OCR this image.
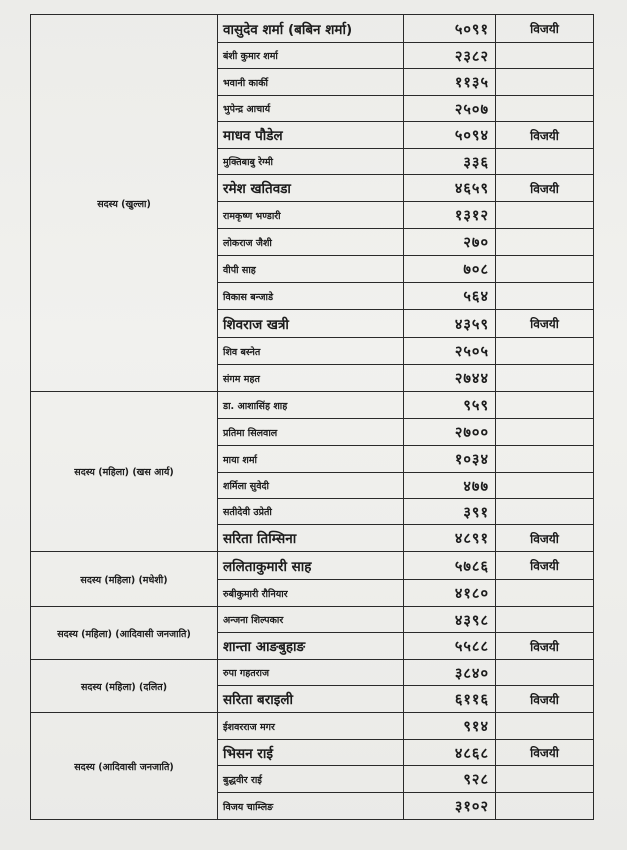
सदस्य (खुल्ला)	वासुदेव शर्मा (बबिन शर्मा)	५०९१	विजयी
	बंशी कुमार शर्मा	२३८२	
	भवानी कार्की	११३५	
	भुपेन्द्र आचार्य	२५०७	
	माधव पौडेल	५०९४	विजयी
	मुक्तिबाबु रेग्मी	३३६	
	रमेश खतिवडा	४६५९	विजयी
	रामकृष्ण भण्डारी	१३१२	
	लोकराज जैशी	२७०	
	वीपी साह	७०८	
	विकास बन्जाडे	५६४	
	शिवराज खत्री	४३५९	विजयी
	शिव बस्नेत	२५०५	
	संगम महत	२७४४	
सदस्य (महिला) (खस आर्य)	डा. आशासिंह शाह	९५९	
	प्रतिमा सिलवाल	२७००	
	माया शर्मा	१०३४	
	शर्मिला सुवेदी	४७७	
	सतीदेवी उप्रेती	३९१	
	सरिता तिम्सिना	४८९१	विजयी
सदस्य (महिला) (मधेशी)	ललिताकुमारी साह	५७८६	विजयी
	रुबीकुमारी रौनियार	४१८०	
सदस्य (महिला) (आदिवासी जनजाति)	अन्जना शिल्पकार	४३९८	
	शान्ता आङबुहाङ	५५८८	विजयी
सदस्य (महिला) (दलित)	रुपा गहतराज	३८४०	
	सरिता बराइली	६११६	विजयी
सदस्य (आदिवासी जनजाति)	ईशवरराज मगर	९१४	
	भिसन राई	४८६८	विजयी
	बुद्धवीर राई	९२८	
	विजय चाम्लिङ	३१०२	
